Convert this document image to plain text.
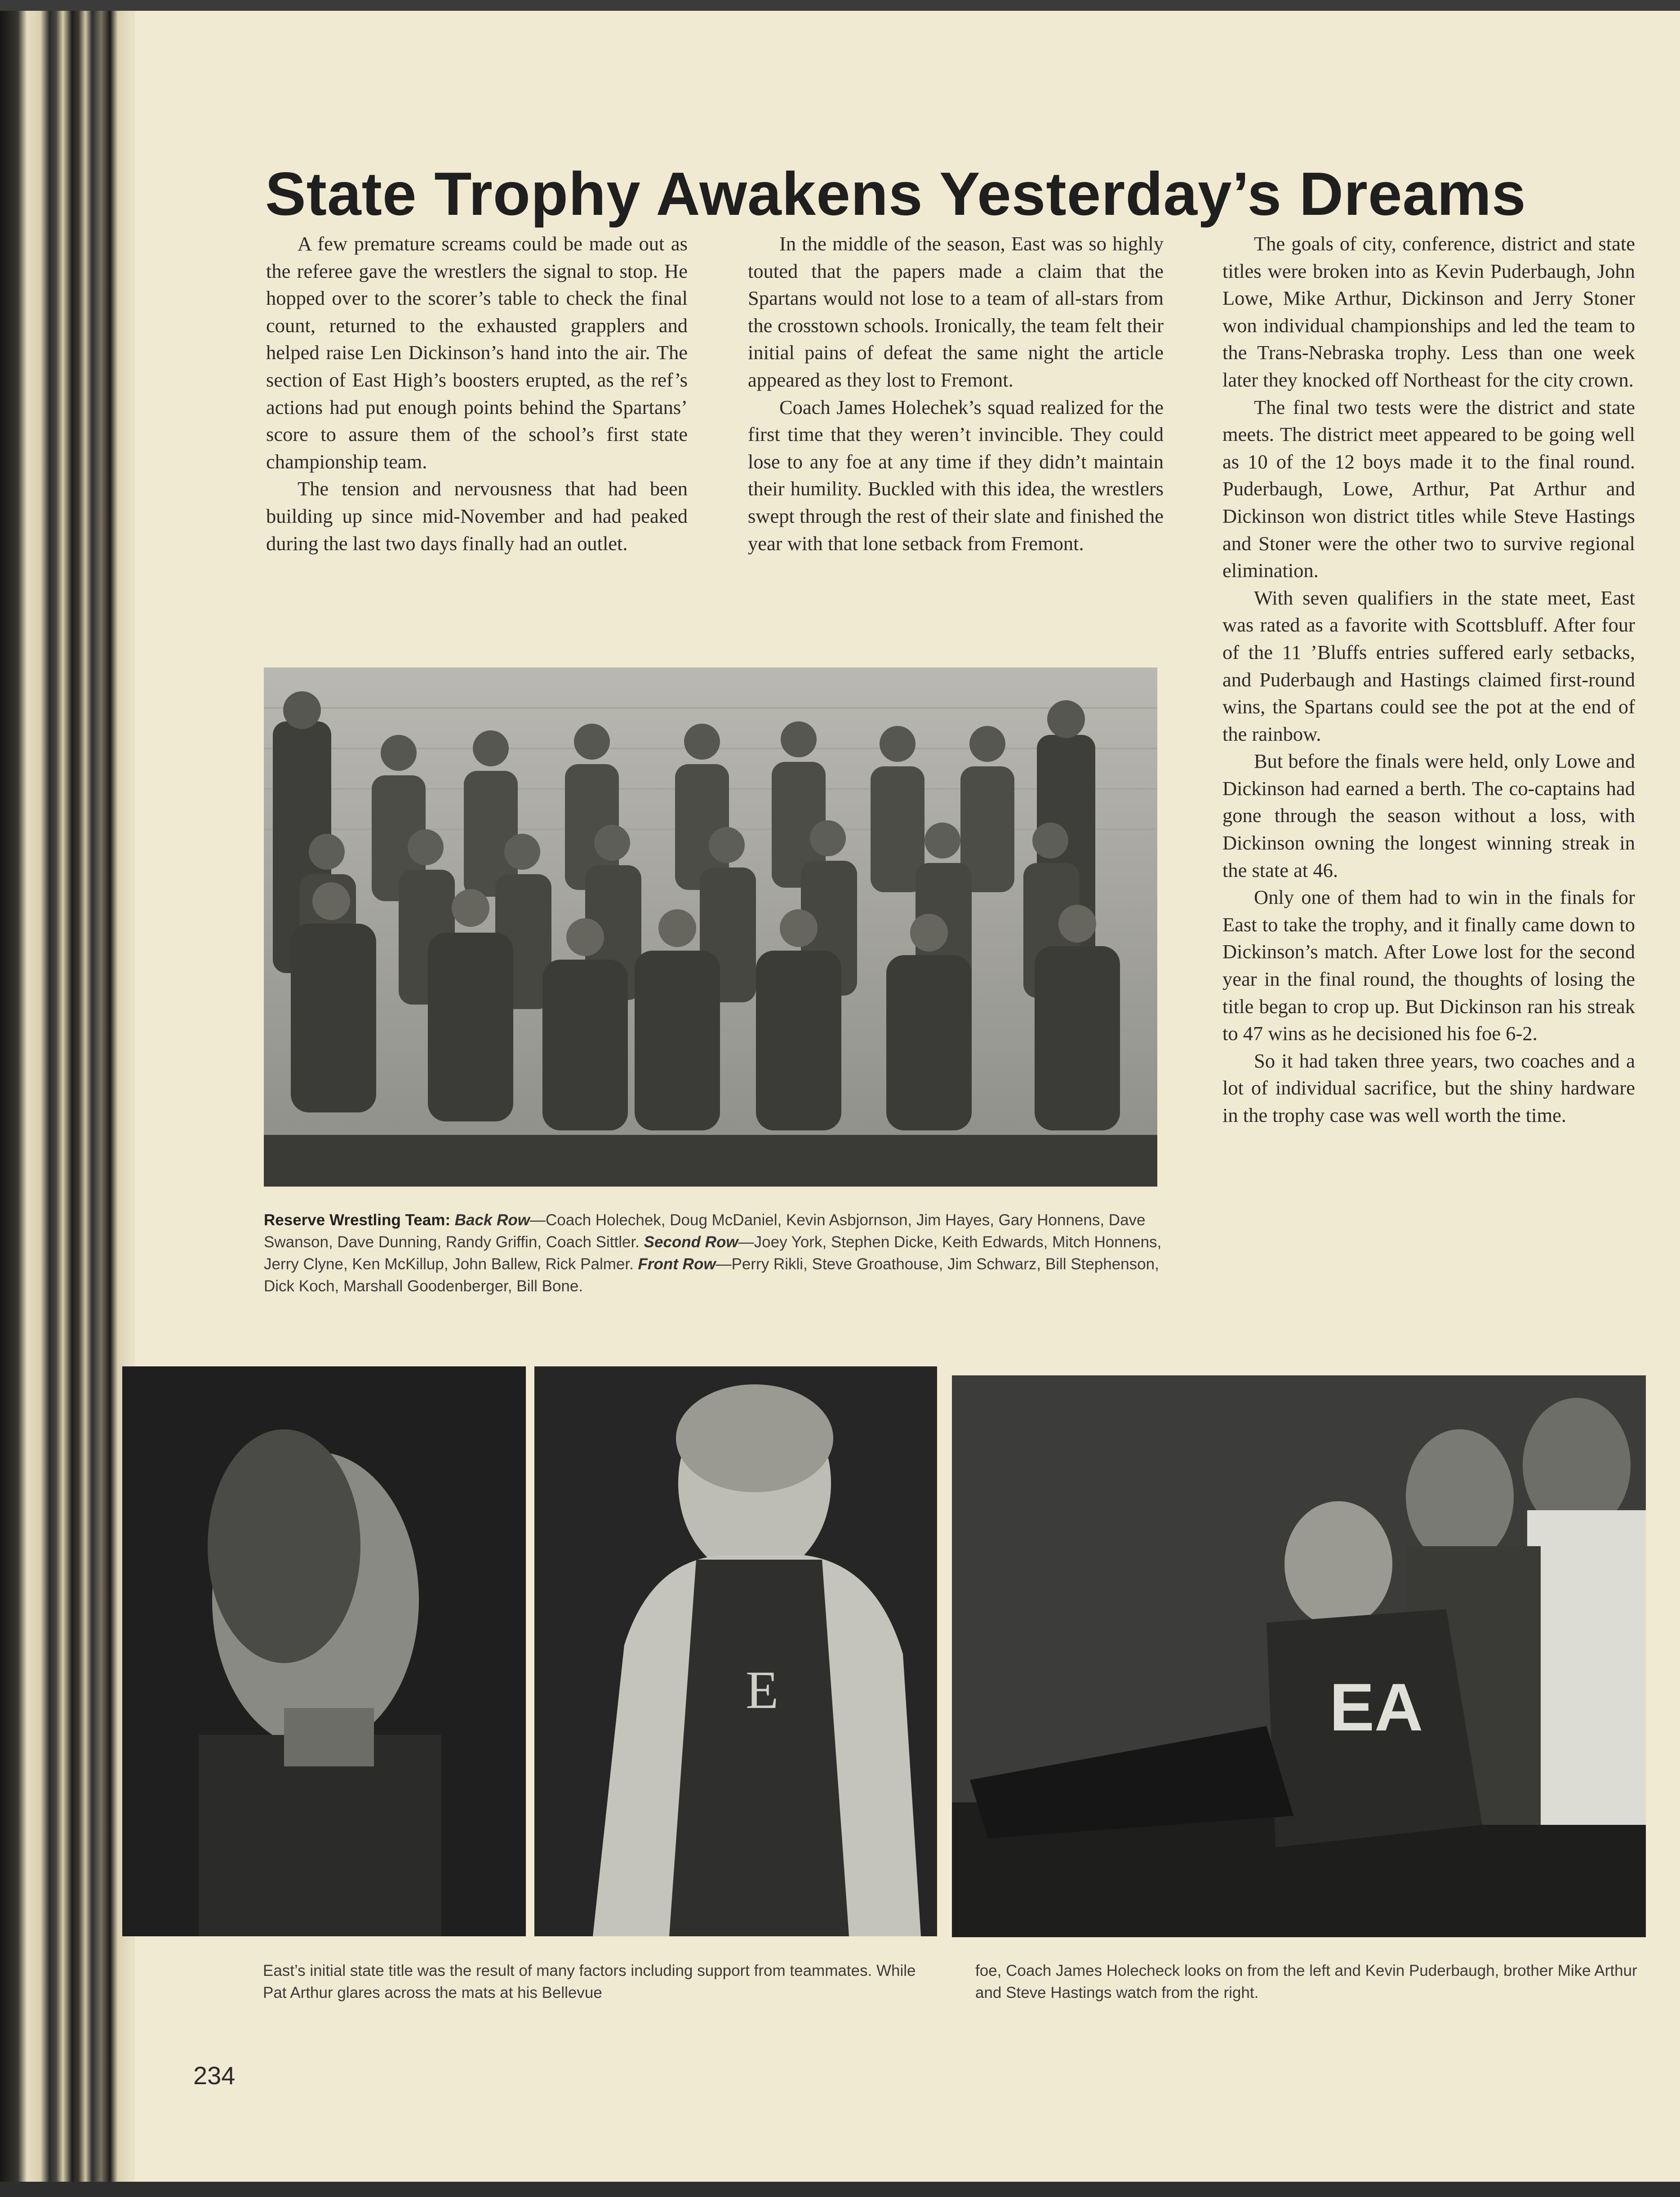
State Trophy Awakens Yesterday’s Dreams

A few premature screams could be made out as the referee gave the wrestlers the signal to stop. He hopped over to the scorer’s table to check the final count, returned to the exhausted grapplers and helped raise Len Dickinson’s hand into the air. The section of East High’s boosters erupted, as the ref’s actions had put enough points behind the Spartans’ score to assure them of the school’s first state championship team.

The tension and nervousness that had been building up since mid-November and had peaked during the last two days finally had an outlet.

In the middle of the season, East was so highly touted that the papers made a claim that the Spartans would not lose to a team of all-stars from the crosstown schools. Ironically, the team felt their initial pains of defeat the same night the article appeared as they lost to Fremont.

Coach James Holechek’s squad realized for the first time that they weren’t invincible. They could lose to any foe at any time if they didn’t maintain their humility. Buckled with this idea, the wrestlers swept through the rest of their slate and finished the year with that lone setback from Fremont.

The goals of city, conference, district and state titles were broken into as Kevin Puderbaugh, John Lowe, Mike Arthur, Dickinson and Jerry Stoner won individual championships and led the team to the Trans-Nebraska trophy. Less than one week later they knocked off Northeast for the city crown.

The final two tests were the district and state meets. The district meet appeared to be going well as 10 of the 12 boys made it to the final round. Puderbaugh, Lowe, Arthur, Pat Arthur and Dickinson won district titles while Steve Hastings and Stoner were the other two to survive regional elimination.

With seven qualifiers in the state meet, East was rated as a favorite with Scottsbluff. After four of the 11 ’Bluffs entries suffered early setbacks, and Puderbaugh and Hastings claimed first-round wins, the Spartans could see the pot at the end of the rainbow.

But before the finals were held, only Lowe and Dickinson had earned a berth. The co-captains had gone through the season without a loss, with Dickinson owning the longest winning streak in the state at 46.

Only one of them had to win in the finals for East to take the trophy, and it finally came down to Dickinson’s match. After Lowe lost for the second year in the final round, the thoughts of losing the title began to crop up. But Dickinson ran his streak to 47 wins as he decisioned his foe 6-2.

So it had taken three years, two coaches and a lot of individual sacrifice, but the shiny hardware in the trophy case was well worth the time.

Reserve Wrestling Team: Back Row—Coach Holechek, Doug McDaniel, Kevin Asbjornson, Jim Hayes, Gary Honnens, Dave Swanson, Dave Dunning, Randy Griffin, Coach Sittler. Second Row—Joey York, Stephen Dicke, Keith Edwards, Mitch Honnens, Jerry Clyne, Ken McKillup, John Ballew, Rick Palmer. Front Row—Perry Rikli, Steve Groathouse, Jim Schwarz, Bill Stephenson, Dick Koch, Marshall Goodenberger, Bill Bone.
E	EA
East’s initial state title was the result of many factors including support from teammates. While Pat Arthur glares across the mats at his Bellevue
foe, Coach James Holecheck looks on from the left and Kevin Puderbaugh, brother Mike Arthur and Steve Hastings watch from the right.
234
